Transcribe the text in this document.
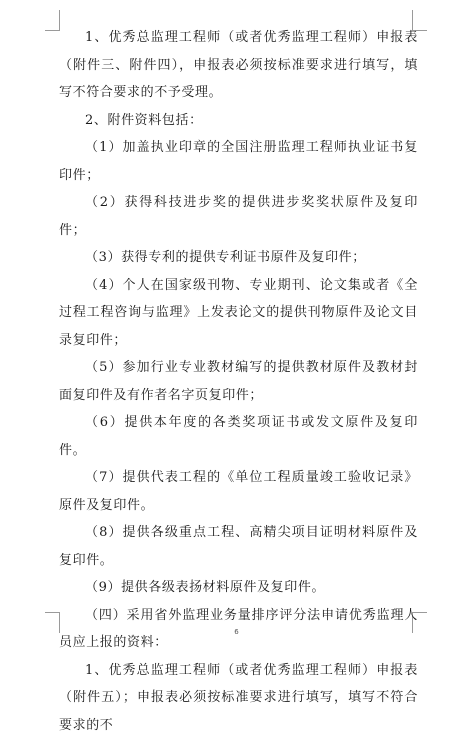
1、优秀总监理工程师（或者优秀监理工程师）申报表（附件三、附件四），申报表必须按标准要求进行填写，填写不符合要求的不予受理。

2、附件资料包括：

（1）加盖执业印章的全国注册监理工程师执业证书复印件；

（2）获得科技进步奖的提供进步奖奖状原件及复印件；

（3）获得专利的提供专利证书原件及复印件；

（4）个人在国家级刊物、专业期刊、论文集或者《全过程工程咨询与监理》上发表论文的提供刊物原件及论文目录复印件；

（5）参加行业专业教材编写的提供教材原件及教材封面复印件及有作者名字页复印件；

（6）提供本年度的各类奖项证书或发文原件及复印件。

（7）提供代表工程的《单位工程质量竣工验收记录》原件及复印件。

（8）提供各级重点工程、高精尖项目证明材料原件及复印件。

（9）提供各级表扬材料原件及复印件。

（四）采用省外监理业务量排序评分法申请优秀监理人员应上报的资料：

1、优秀总监理工程师（或者优秀监理工程师）申报表（附件五）；申报表必须按标准要求进行填写，填写不符合要求的不

6
